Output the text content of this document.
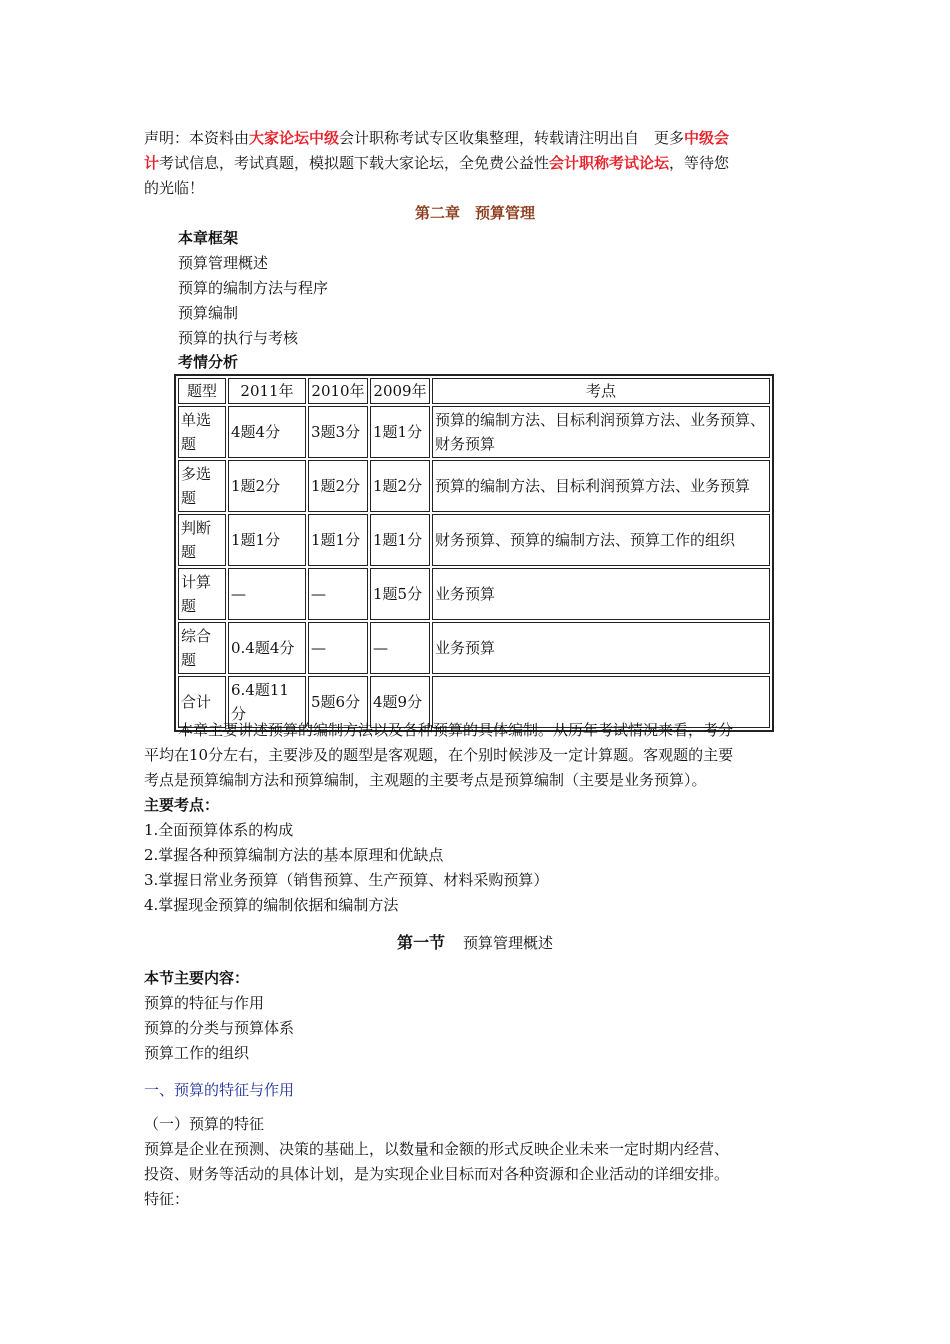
声明：本资料由大家论坛中级会计职称考试专区收集整理，转载请注明出自　更多中级会
计考试信息，考试真题，模拟题下载大家论坛，全免费公益性会计职称考试论坛，等待您
的光临！
第二章　预算管理
本章框架
预算管理概述
预算的编制方法与程序
预算编制
预算的执行与考核
考情分析
题型	2011年	2010年	2009年	考点
单选题	4题4分	3题3分	1题1分	预算的编制方法、目标利润预算方法、业务预算、财务预算
多选题	1题2分	1题2分	1题2分	预算的编制方法、目标利润预算方法、业务预算
判断题	1题1分	1题1分	1题1分	财务预算、预算的编制方法、预算工作的组织
计算题	—	—	1题5分	业务预算
综合题	0.4题4分	—	—	业务预算
合计	6.4题11分	5题6分	4题9分	
本章主要讲述预算的编制方法以及各种预算的具体编制。从历年考试情况来看，考分
平均在10分左右，主要涉及的题型是客观题，在个别时候涉及一定计算题。客观题的主要
考点是预算编制方法和预算编制，主观题的主要考点是预算编制（主要是业务预算）。
主要考点：
1.全面预算体系的构成
2.掌握各种预算编制方法的基本原理和优缺点
3.掌握日常业务预算（销售预算、生产预算、材料采购预算）
4.掌握现金预算的编制依据和编制方法
第一节 预算管理概述
本节主要内容：
预算的特征与作用
预算的分类与预算体系
预算工作的组织
一、预算的特征与作用
（一）预算的特征
预算是企业在预测、决策的基础上，以数量和金额的形式反映企业未来一定时期内经营、
投资、财务等活动的具体计划，是为实现企业目标而对各种资源和企业活动的详细安排。
特征：
